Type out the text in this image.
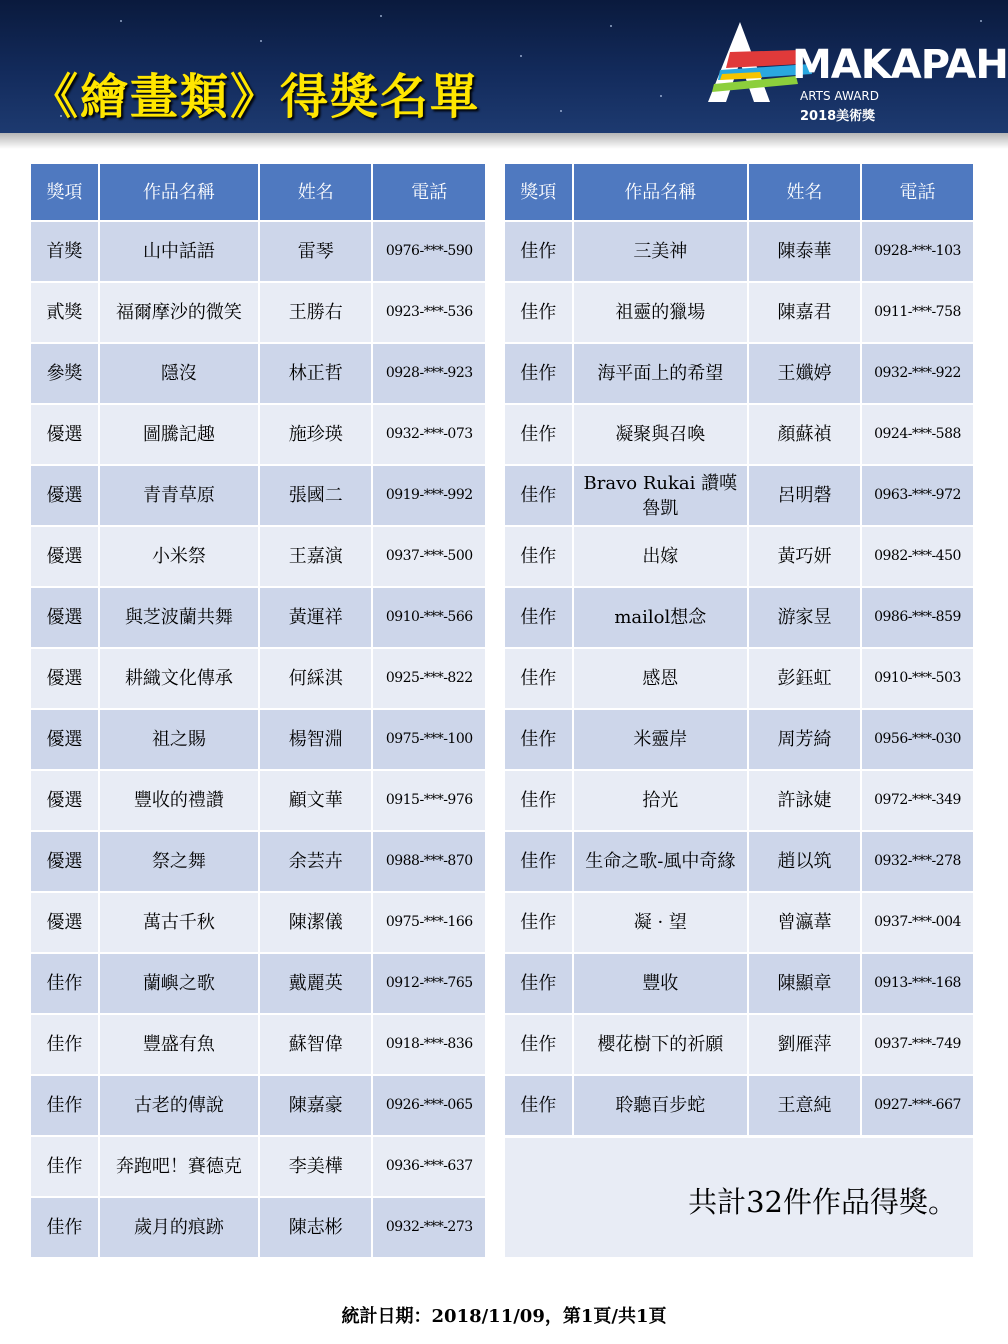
《繪畫類》得獎名單
MAKAPAH
ARTS AWARD
2018美術獎
獎項	作品名稱	姓名	電話
首獎	山中話語	雷琴	0976-***-590
貳獎	福爾摩沙的微笑	王勝右	0923-***-536
參獎	隱沒	林正哲	0928-***-923
優選	圖騰記趣	施珍瑛	0932-***-073
優選	青青草原	張國二	0919-***-992
優選	小米祭	王嘉演	0937-***-500
優選	與芝波蘭共舞	黃運祥	0910-***-566
優選	耕織文化傳承	何綵淇	0925-***-822
優選	祖之賜	楊智淵	0975-***-100
優選	豐收的禮讚	顧文華	0915-***-976
優選	祭之舞	余芸卉	0988-***-870
優選	萬古千秋	陳潔儀	0975-***-166
佳作	蘭嶼之歌	戴麗英	0912-***-765
佳作	豐盛有魚	蘇智偉	0918-***-836
佳作	古老的傳說	陳嘉豪	0926-***-065
佳作	奔跑吧！賽德克	李美樺	0936-***-637
佳作	歲月的痕跡	陳志彬	0932-***-273
獎項	作品名稱	姓名	電話
佳作	三美神	陳泰華	0928-***-103
佳作	祖靈的獵場	陳嘉君	0911-***-758
佳作	海平面上的希望	王孅婷	0932-***-922
佳作	凝聚與召喚	顏蘇禎	0924-***-588
佳作	Bravo Rukai 讚嘆魯凱	呂明磬	0963-***-972
佳作	出嫁	黃巧妍	0982-***-450
佳作	mailol想念	游家昱	0986-***-859
佳作	感恩	彭鈺虹	0910-***-503
佳作	米靈岸	周芳綺	0956-***-030
佳作	拾光	許詠婕	0972-***-349
佳作	生命之歌-風中奇緣	趙以筑	0932-***-278
佳作	凝 · 望	曾瀛葦	0937-***-004
佳作	豐收	陳顯章	0913-***-168
佳作	櫻花樹下的祈願	劉雁萍	0937-***-749
佳作	聆聽百步蛇	王意純	0927-***-667
共計32件作品得獎。
統計日期：2018/11/09，第1頁/共1頁
